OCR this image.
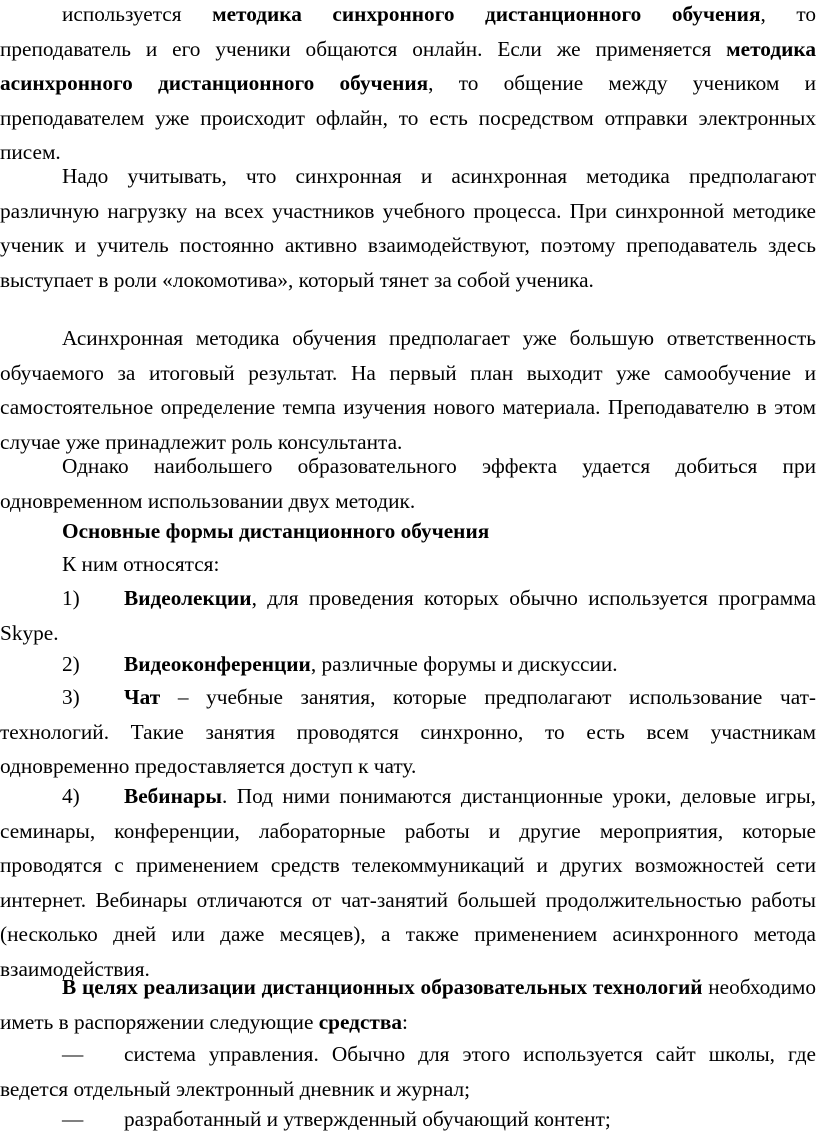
используется методика синхронного дистанционного обучения, то преподаватель и его ученики общаются онлайн. Если же применяется методика асинхронного дистанционного обучения, то общение между учеником и преподавателем уже происходит офлайн, то есть посредством отправки электронных писем.

Надо учитывать, что синхронная и асинхронная методика предполагают различную нагрузку на всех участников учебного процесса. При синхронной методике ученик и учитель постоянно активно взаимодействуют, поэтому преподаватель здесь выступает в роли «локомотива», который тянет за собой ученика.

Асинхронная методика обучения предполагает уже большую ответственность обучаемого за итоговый результат. На первый план выходит уже самообучение и самостоятельное определение темпа изучения нового материала. Преподавателю в этом случае уже принадлежит роль консультанта.

Однако наибольшего образовательного эффекта удается добиться при одновременном использовании двух методик.

Основные формы дистанционного обучения

К ним относятся:

1) Видеолекции, для проведения которых обычно используется программа Skype.

2) Видеоконференции, различные форумы и дискуссии.

3) Чат – учебные занятия, которые предполагают использование чат-технологий. Такие занятия проводятся синхронно, то есть всем участникам одновременно предоставляется доступ к чату.

4) Вебинары. Под ними понимаются дистанционные уроки, деловые игры, семинары, конференции, лабораторные работы и другие мероприятия, которые проводятся с применением средств телекоммуникаций и других возможностей сети интернет. Вебинары отличаются от чат-занятий большей продолжительностью работы (несколько дней или даже месяцев), а также применением асинхронного метода взаимодействия.

В целях реализации дистанционных образовательных технологий необходимо иметь в распоряжении следующие средства:

— система управления. Обычно для этого используется сайт школы, где ведется отдельный электронный дневник и журнал;

— разработанный и утвержденный обучающий контент;
